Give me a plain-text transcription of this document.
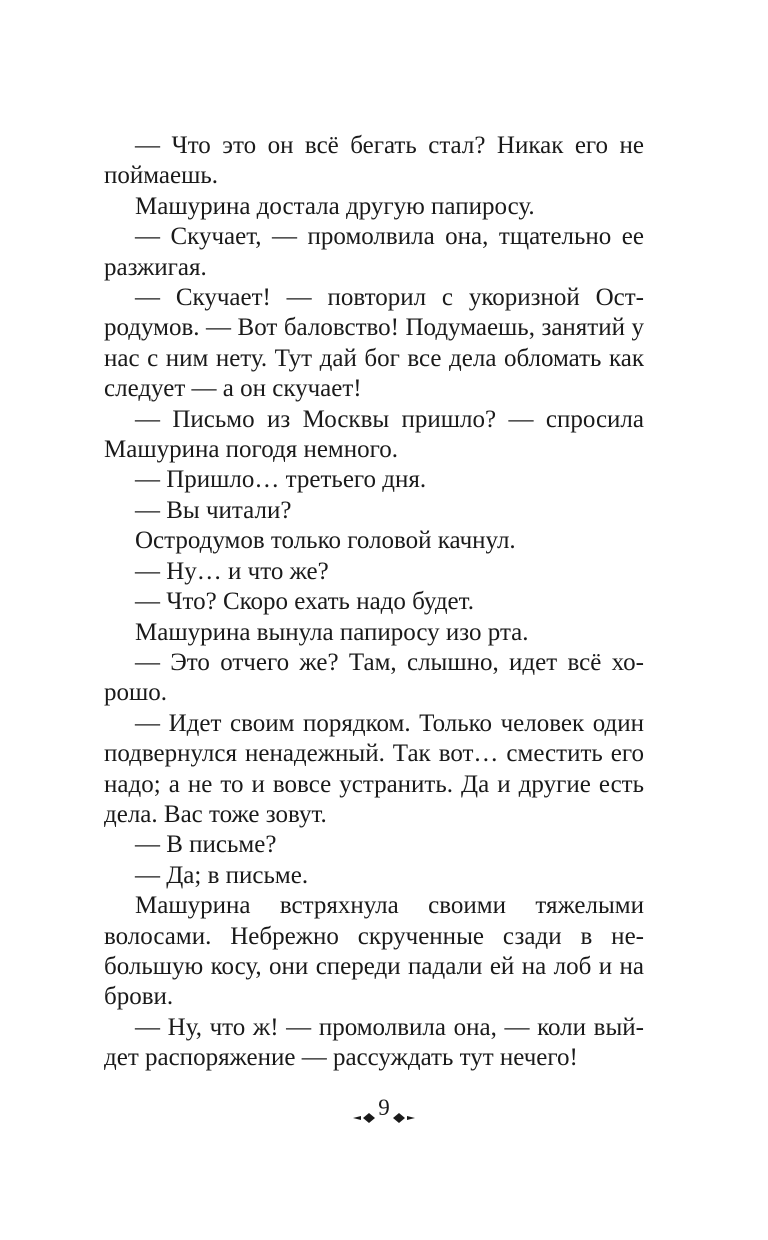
— Что это он всё бегать стал? Никак его не поймаешь.

Машурина достала другую папиросу.

— Скучает, — промолвила она, тщательно ее разжигая.

— Скучает! — повторил с укоризной Остродумов. — Вот баловство! Подумаешь, занятий у нас с ним нету. Тут дай бог все дела обломать как следует — а он скучает!

— Письмо из Москвы пришло? — спросила Машурина погодя немного.

— Пришло… третьего дня.

— Вы читали?

Остродумов только головой качнул.

— Ну… и что же?

— Что? Скоро ехать надо будет.

Машурина вынула папиросу изо рта.

— Это отчего же? Там, слышно, идет всё хорошо.

— Идет своим порядком. Только человек один подвернулся ненадежный. Так вот… сместить его надо; а не то и вовсе устранить. Да и другие есть дела. Вас тоже зовут.

— В письме?

— Да; в письме.

Машурина встряхнула своими тяжелыми волосами. Небрежно скрученные сзади в небольшую косу, они спереди падали ей на лоб и на брови.

— Ну, что ж! — промолвила она, — коли выйдет распоряжение — рассуждать тут нечего!

9
